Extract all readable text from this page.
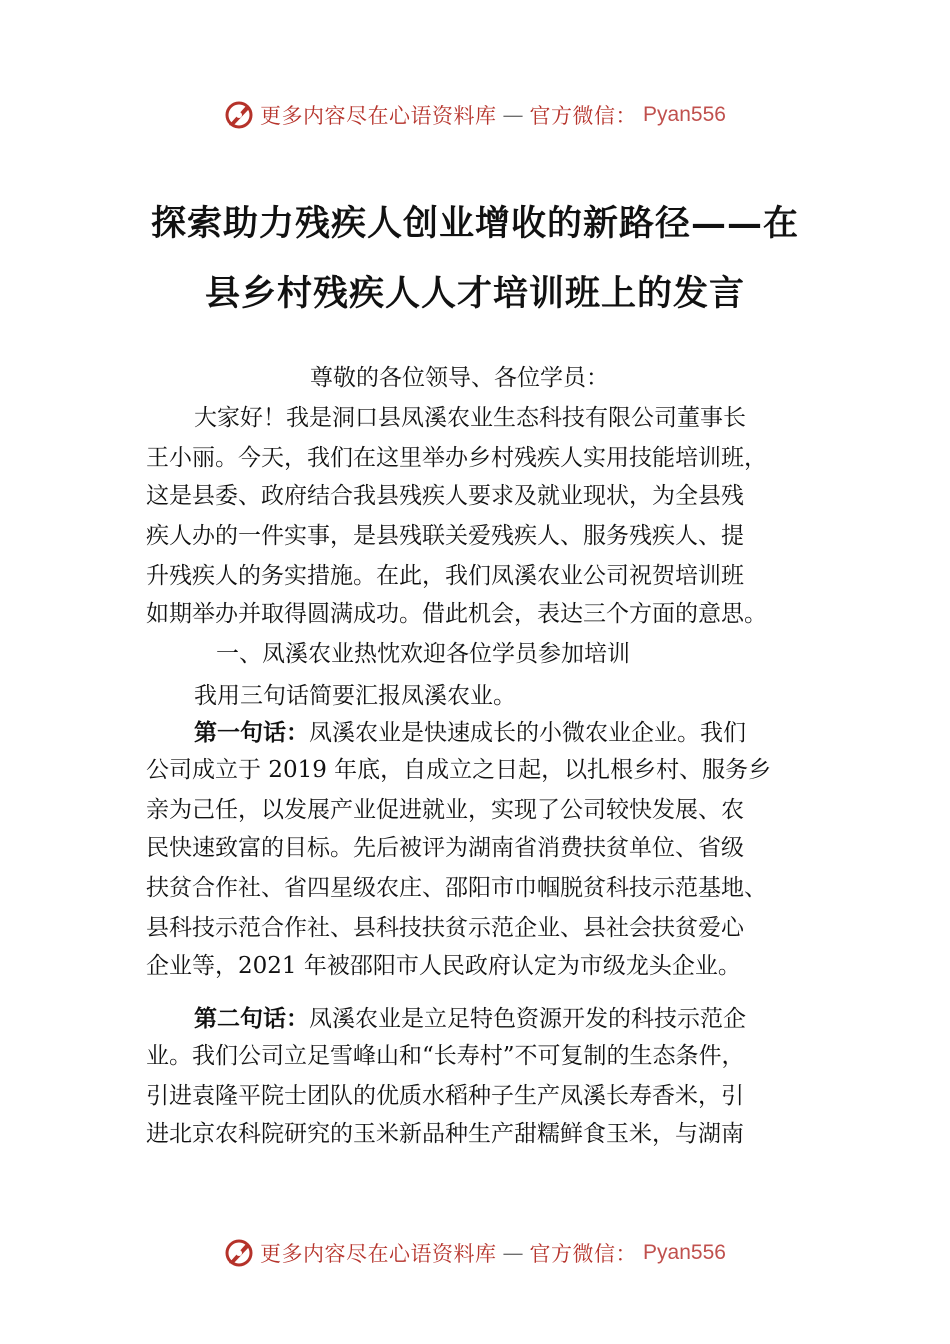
更多内容尽在心语资料库 — 官方微信： Pyan556
探索助力残疾人创业增收的新路径——在
县乡村残疾人人才培训班上的发言
尊敬的各位领导、各位学员：
大家好！我是洞口县凤溪农业生态科技有限公司董事长
王小丽。今天，我们在这里举办乡村残疾人实用技能培训班，
这是县委、政府结合我县残疾人要求及就业现状，为全县残
疾人办的一件实事，是县残联关爱残疾人、服务残疾人、提
升残疾人的务实措施。在此，我们凤溪农业公司祝贺培训班
如期举办并取得圆满成功。借此机会，表达三个方面的意思。
一、凤溪农业热忱欢迎各位学员参加培训
我用三句话简要汇报凤溪农业。
第一句话：凤溪农业是快速成长的小微农业企业。我们
公司成立于 2019 年底，自成立之日起，以扎根乡村、服务乡
亲为己任，以发展产业促进就业，实现了公司较快发展、农
民快速致富的目标。先后被评为湖南省消费扶贫单位、省级
扶贫合作社、省四星级农庄、邵阳市巾帼脱贫科技示范基地、
县科技示范合作社、县科技扶贫示范企业、县社会扶贫爱心
企业等，2021 年被邵阳市人民政府认定为市级龙头企业。
第二句话：凤溪农业是立足特色资源开发的科技示范企
业。我们公司立足雪峰山和“长寿村”不可复制的生态条件，
引进袁隆平院士团队的优质水稻种子生产凤溪长寿香米，引
进北京农科院研究的玉米新品种生产甜糯鲜食玉米，与湖南
更多内容尽在心语资料库 — 官方微信： Pyan556
